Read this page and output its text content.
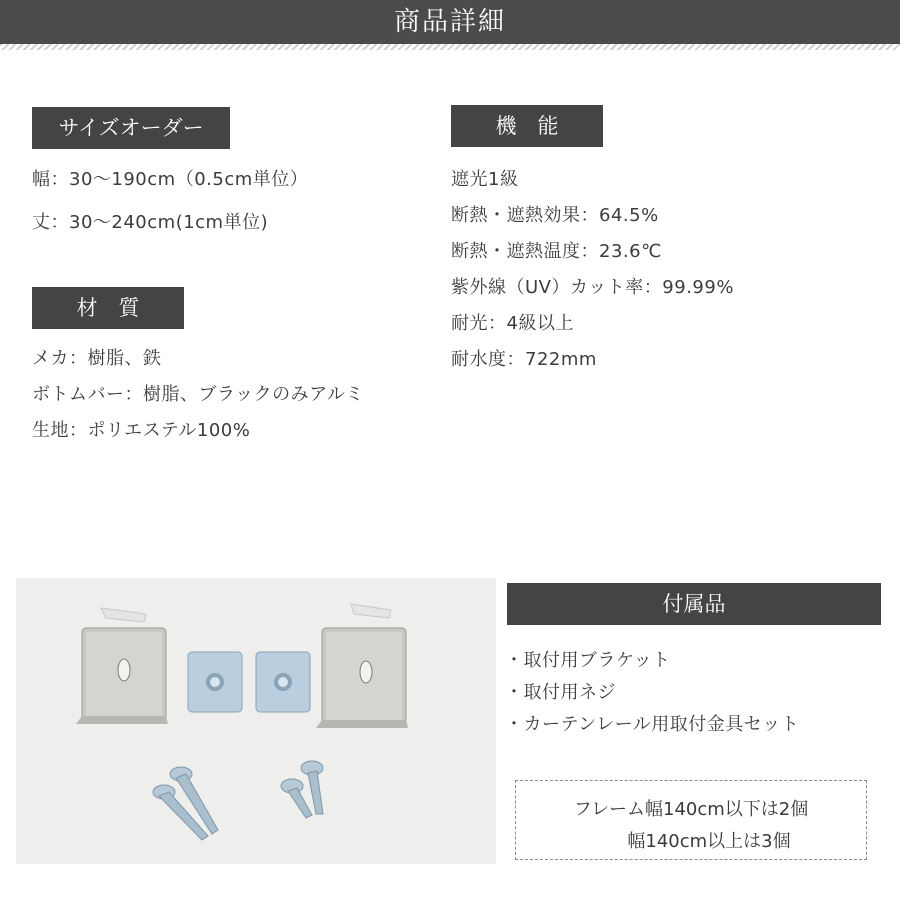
商品詳細
サイズオーダー
幅：30〜190cm（0.5cm単位）
丈：30〜240cm(1cm単位)
材　質
メカ：樹脂、鉄
ボトムバー：樹脂、ブラックのみアルミ
生地：ポリエステル100%
機　能
遮光1級
断熱・遮熱効果：64.5%
断熱・遮熱温度：23.6℃
紫外線（UV）カット率：99.99%
耐光：4級以上
耐水度：722mm
付属品
・取付用ブラケット
・取付用ネジ
・カーテンレール用取付金具セット
フレーム幅140cm以下は2個
幅140cm以上は3個
